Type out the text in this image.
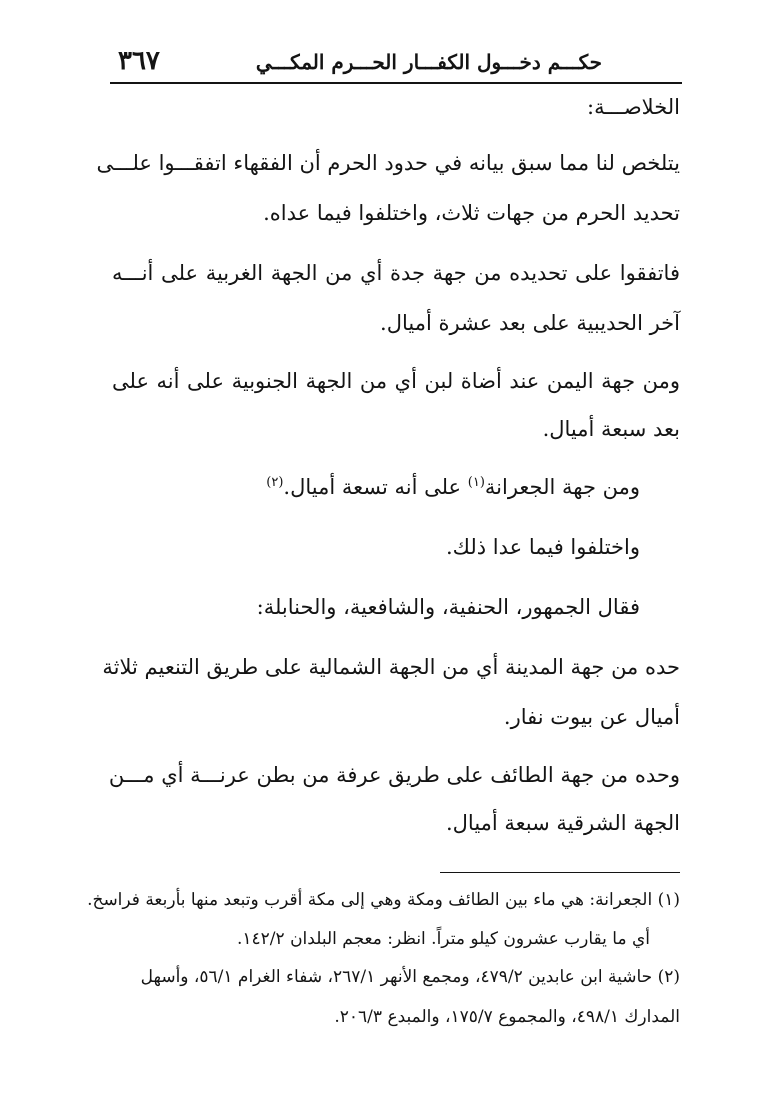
حكـــم دخـــول الكفـــار الحـــرم المكـــي
٣٦٧
الخلاصـــة:
يتلخص لنا مما سبق بيانه في حدود الحرم أن الفقهاء اتفقـــوا علـــى
تحديد الحرم من جهات ثلاث، واختلفوا فيما عداه.
فاتفقوا على تحديده من جهة جدة أي من الجهة الغربية على أنـــه
آخر الحديبية على بعد عشرة أميال.
ومن جهة اليمن عند أضاة لبن أي من الجهة الجنوبية على أنه على
بعد سبعة أميال.
ومن جهة الجعرانة$^{(١)}$ على أنه تسعة أميال.$^{(٢)}$
واختلفوا فيما عدا ذلك.
فقال الجمهور، الحنفية، والشافعية، والحنابلة:
حده من جهة المدينة أي من الجهة الشمالية على طريق التنعيم ثلاثة
أميال عن بيوت نفار.
وحده من جهة الطائف على طريق عرفة من بطن عرنـــة أي مـــن
الجهة الشرقية سبعة أميال.
(١) الجعرانة: هي ماء بين الطائف ومكة وهي إلى مكة أقرب وتبعد منها بأربعة فراسخ.
أي ما يقارب عشرون كيلو متراً. انظر: معجم البلدان ١٤٢/٢.
(٢) حاشية ابن عابدين ٤٧٩/٢، ومجمع الأنهر ٢٦٧/١، شفاء الغرام ٥٦/١، وأسهل
المدارك ٤٩٨/١، والمجموع ١٧٥/٧، والمبدع ٢٠٦/٣.
